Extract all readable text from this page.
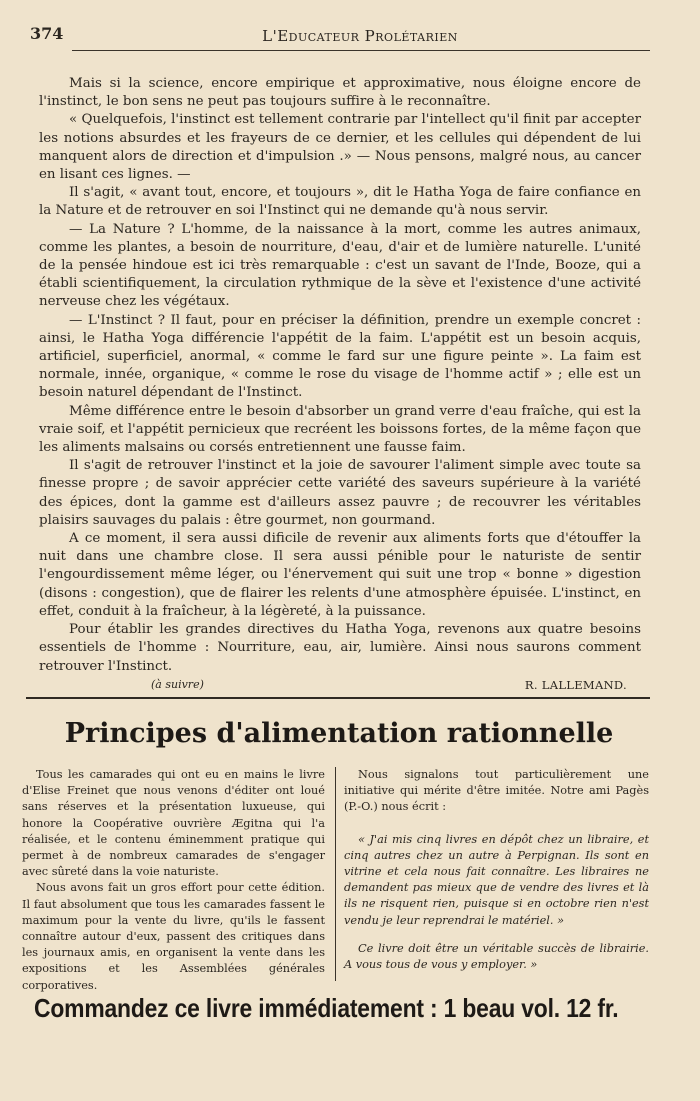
374	L'Educateur Prolétarien

Mais si la science, encore empirique et approximative, nous éloigne encore de l'instinct, le bon sens ne peut pas toujours suffire à le reconnaître.

« Quelquefois, l'instinct est tellement contrarie par l'intellect qu'il finit par accepter les notions absurdes et les frayeurs de ce dernier, et les cellules qui dépendent de lui manquent alors de direction et d'impulsion .» — Nous pensons, malgré nous, au cancer en lisant ces lignes. —

Il s'agit, « avant tout, encore, et toujours », dit le Hatha Yoga de faire confiance en la Nature et de retrouver en soi l'Instinct qui ne demande qu'à nous servir.

— La Nature ? L'homme, de la naissance à la mort, comme les autres animaux, comme les plantes, a besoin de nourriture, d'eau, d'air et de lumière naturelle. L'unité de la pensée hindoue est ici très remarquable : c'est un savant de l'Inde, Booze, qui a établi scientifiquement, la circulation rythmique de la sève et l'existence d'une activité nerveuse chez les végétaux.

— L'Instinct ? Il faut, pour en préciser la définition, prendre un exemple concret : ainsi, le Hatha Yoga différencie l'appétit de la faim. L'appétit est un besoin acquis, artificiel, superficiel, anormal, « comme le fard sur une figure peinte ». La faim est normale, innée, organique, « comme le rose du visage de l'homme actif » ; elle est un besoin naturel dépendant de l'Instinct.

Même différence entre le besoin d'absorber un grand verre d'eau fraîche, qui est la vraie soif, et l'appétit pernicieux que recréent les boissons fortes, de la même façon que les aliments malsains ou corsés entretiennent une fausse faim.

Il s'agit de retrouver l'instinct et la joie de savourer l'aliment simple avec toute sa finesse propre ; de savoir apprécier cette variété des saveurs supérieure à la variété des épices, dont la gamme est d'ailleurs assez pauvre ; de recouvrer les véritables plaisirs sauvages du palais : être gourmet, non gourmand.

A ce moment, il sera aussi dificile de revenir aux aliments forts que d'étouffer la nuit dans une chambre close. Il sera aussi pénible pour le naturiste de sentir l'engourdissement même léger, ou l'énervement qui suit une trop « bonne » digestion (disons : congestion), que de flairer les relents d'une atmosphère épuisée. L'instinct, en effet, conduit à la fraîcheur, à la légèreté, à la puissance.

Pour établir les grandes directives du Hatha Yoga, revenons aux quatre besoins essentiels de l'homme : Nourriture, eau, air, lumière. Ainsi nous saurons comment retrouver l'Instinct.

(à suivre)	R. LALLEMAND.
Principes d'alimentation rationnelle

Tous les camarades qui ont eu en mains le livre d'Elise Freinet que nous venons d'éditer ont loué sans réserves et la présentation luxueuse, qui honore la Coopérative ouvrière Ægitna qui l'a réalisée, et le contenu éminemment pratique qui permet à de nombreux camarades de s'engager avec sûreté dans la voie naturiste.

Nous avons fait un gros effort pour cette édition. Il faut absolument que tous les camarades fassent le maximum pour la vente du livre, qu'ils le fassent connaître autour d'eux, passent des critiques dans les journaux amis, en organisent la vente dans les expositions et les Assemblées générales corporatives.

Nous signalons tout particulièrement une initiative qui mérite d'être imitée. Notre ami Pagès (P.-O.) nous écrit :

« J'ai mis cinq livres en dépôt chez un libraire, et cinq autres chez un autre à Perpignan. Ils sont en vitrine et cela nous fait connaître. Les libraires ne demandent pas mieux que de vendre des livres et là ils ne risquent rien, puisque si en octobre rien n'est vendu je leur reprendrai le matériel. »

Ce livre doit être un véritable succès de librairie. A vous tous de vous y employer. »

Commandez ce livre immédiatement : 1 beau vol. 12 fr.
